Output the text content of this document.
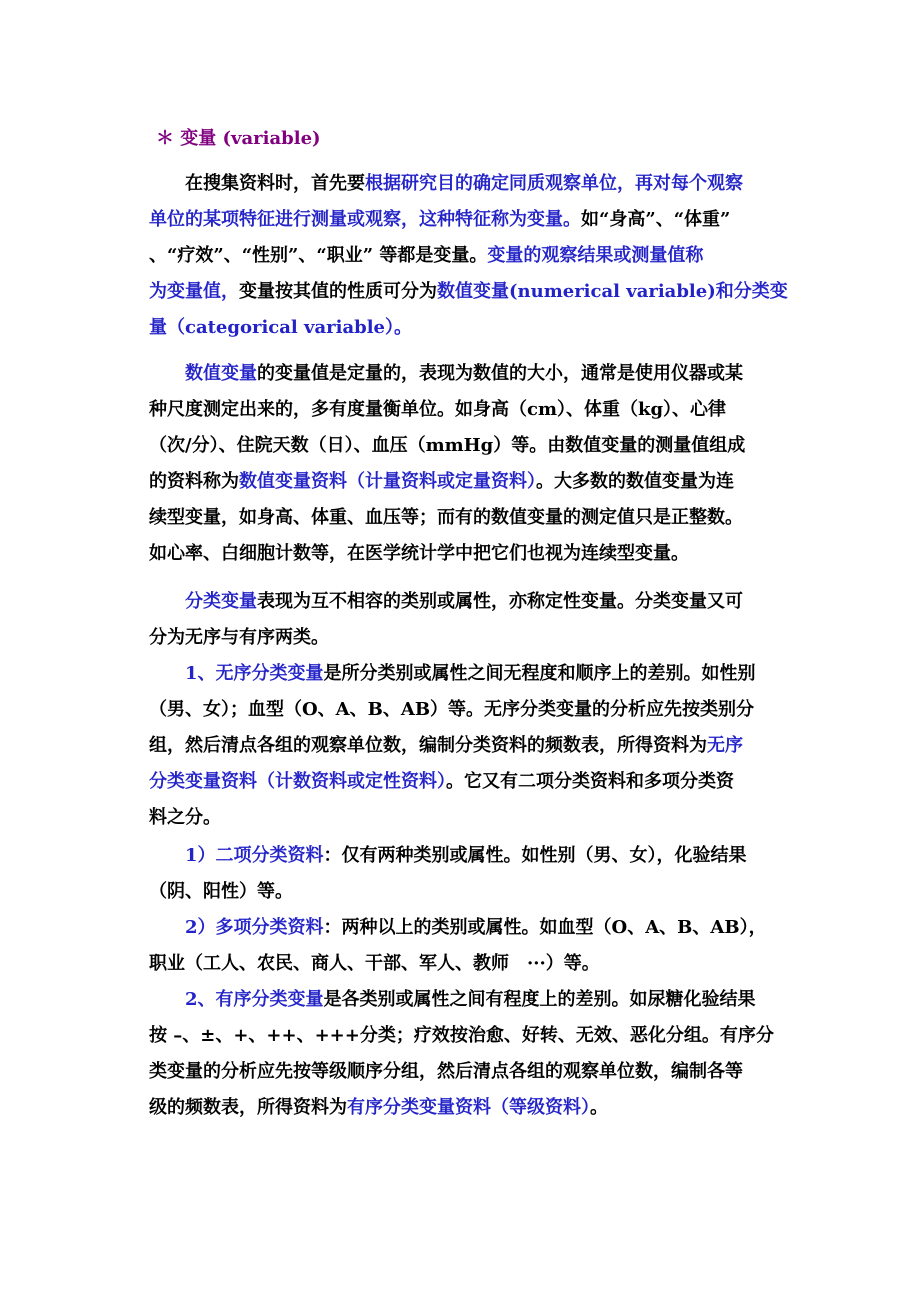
＊ 变量 (variable)
在搜集资料时，首先要根据研究目的确定同质观察单位，再对每个观察
单位的某项特征进行测量或观察，这种特征称为变量。如“身高”、“体重”
、“疗效”、“性别”、“职业” 等都是变量。变量的观察结果或测量值称
为变量值，变量按其值的性质可分为数值变量(numerical variable)和分类变
量（categorical variable）。
数值变量的变量值是定量的，表现为数值的大小，通常是使用仪器或某
种尺度测定出来的，多有度量衡单位。如身高（cm）、体重（kg）、心律
（次/分）、住院天数（日）、血压（mmHg）等。由数值变量的测量值组成
的资料称为数值变量资料（计量资料或定量资料）。大多数的数值变量为连
续型变量，如身高、体重、血压等；而有的数值变量的测定值只是正整数。
如心率、白细胞计数等，在医学统计学中把它们也视为连续型变量。
分类变量表现为互不相容的类别或属性，亦称定性变量。分类变量又可
分为无序与有序两类。
1、无序分类变量是所分类别或属性之间无程度和顺序上的差别。如性别
（男、女）；血型（O、A、B、AB）等。无序分类变量的分析应先按类别分
组，然后清点各组的观察单位数，编制分类资料的频数表，所得资料为无序
分类变量资料（计数资料或定性资料）。它又有二项分类资料和多项分类资
料之分。
1）二项分类资料：仅有两种类别或属性。如性别（男、女），化验结果
（阴、阳性）等。
2）多项分类资料：两种以上的类别或属性。如血型（O、A、B、AB），
职业（工人、农民、商人、干部、军人、教师　···）等。
2、有序分类变量是各类别或属性之间有程度上的差别。如尿糖化验结果
按 –、±、+、++、+++分类；疗效按治愈、好转、无效、恶化分组。有序分
类变量的分析应先按等级顺序分组，然后清点各组的观察单位数，编制各等
级的频数表，所得资料为有序分类变量资料（等级资料）。
